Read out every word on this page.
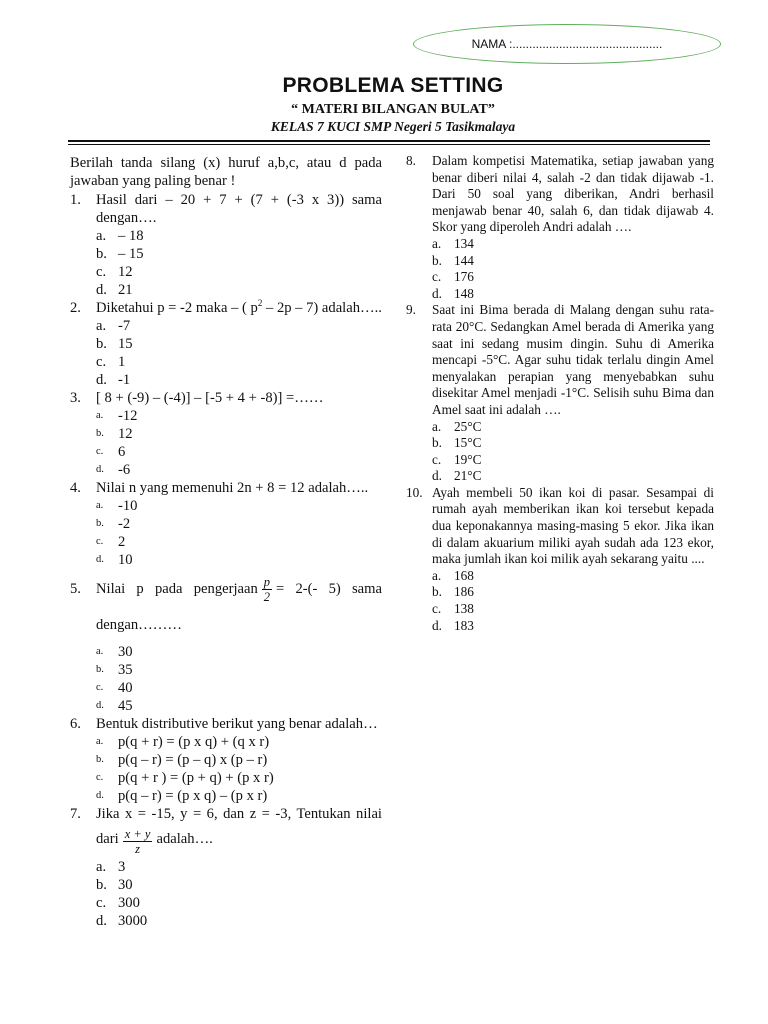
NAMA :.............................................
PROBLEMA SETTING
“ MATERI BILANGAN BULAT”
KELAS 7 KUCI SMP Negeri 5 Tasikmalaya
Berilah tanda silang (x) huruf a,b,c, atau d pada jawaban yang paling benar !
1.	Hasil dari – 20 + 7 + (7 + (-3 x 3)) sama dengan….
a. – 18
b. – 15
c. 12
d. 21
2.	Diketahui p = -2 maka – ( $p^2 - 2p - 7$) adalah…..
a. -7
b. 15
c. 1
d. -1
3.	[ 8 + (-9) – (-4)] – [-5 + 4 + -8)] =……
a.	-12
b. 12
c.	6
d. -6
4.	Nilai n yang memenuhi 2n + 8 = 12 adalah…..
a.	-10
b. -2
c.	2
d. 10
5.	Nilai p pada pengerjaan $\frac{p}{2} = 2-(-$ 5) sama dengan………
a.	30
b. 35
c.	40
d. 45
6.	Bentuk distributive berikut yang benar adalah…
a.	p(q + r) = (p x q) + (q x r)
b. p(q – r) = (p – q) x (p – r)
c.	p(q + r ) = (p + q) + (p x r)
d. p(q – r) = (p x q) – (p x r)
7.	Jika x = -15, y = 6, dan z = -3, Tentukan nilai dari $\frac{x + y}{z}$ adalah….
a. 3
b. 30
c. 300
d. 3000
8.	Dalam kompetisi Matematika, setiap jawaban yang benar diberi nilai 4, salah -2 dan tidak dijawab -1. Dari 50 soal yang diberikan, Andri berhasil menjawab benar 40, salah 6, dan tidak dijawab 4. Skor yang diperoleh Andri adalah ….
a. 134
b. 144
c. 176
d. 148
9.	Saat ini Bima berada di Malang dengan suhu rata-rata 20°C. Sedangkan Amel berada di Amerika yang saat ini sedang musim dingin. Suhu di Amerika mencapi -5°C. Agar suhu tidak terlalu dingin Amel menyalakan perapian yang menyebabkan suhu disekitar Amel menjadi -1°C. Selisih suhu Bima dan Amel saat ini adalah ….
a. 25°C
b. 15°C
c. 19°C
d. 21°C
10. Ayah membeli 50 ikan koi di pasar. Sesampai di rumah ayah memberikan ikan koi tersebut kepada dua keponakannya masing-masing 5 ekor. Jika ikan di dalam akuarium miliki ayah sudah ada 123 ekor, maka jumlah ikan koi milik ayah sekarang yaitu ....
a. 168
b. 186
c. 138
d. 183
